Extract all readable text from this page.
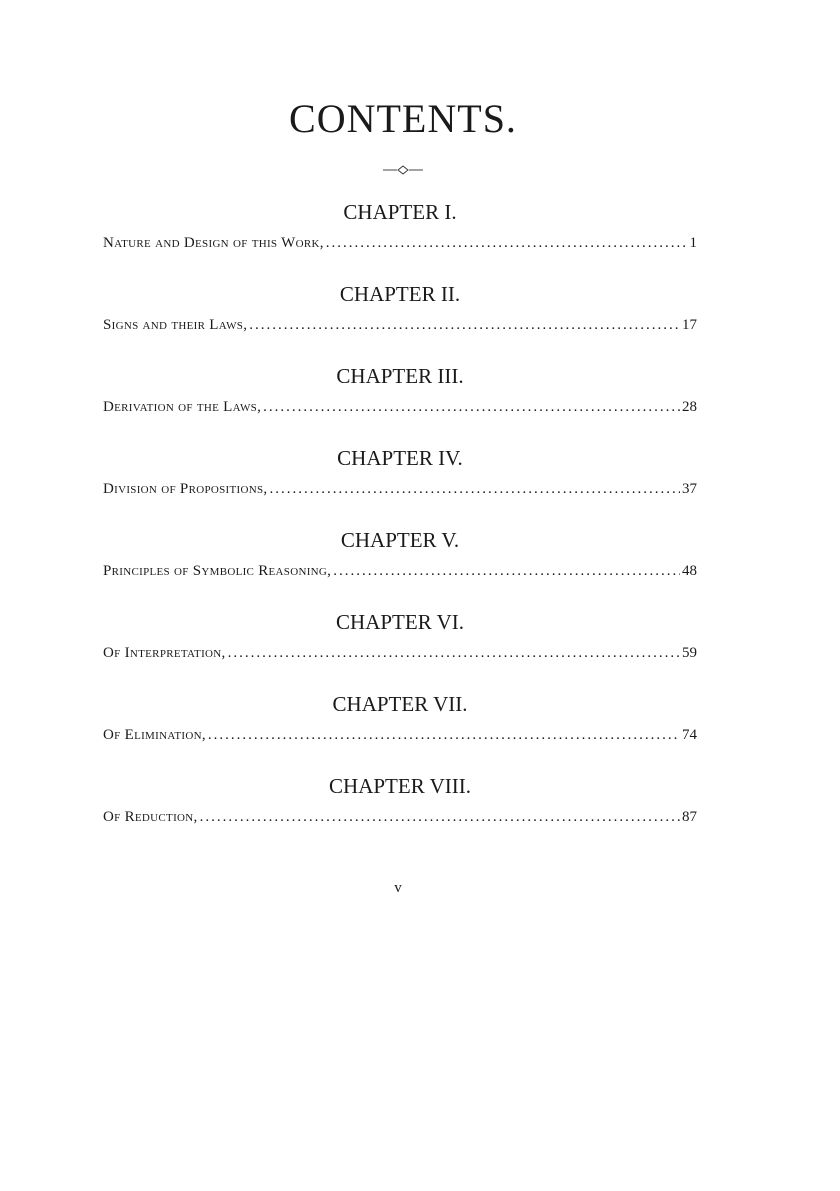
CONTENTS.
CHAPTER I.
Nature and Design of this Work, .....	1
CHAPTER II.
Signs and their Laws, .....	17
CHAPTER III.
Derivation of the Laws, .....	28
CHAPTER IV.
Division of Propositions, .....	37
CHAPTER V.
Principles of Symbolic Reasoning, .....	48
CHAPTER VI.
Of Interpretation, .....	59
CHAPTER VII.
Of Elimination, .....	74
CHAPTER VIII.
Of Reduction, .....	87
v
